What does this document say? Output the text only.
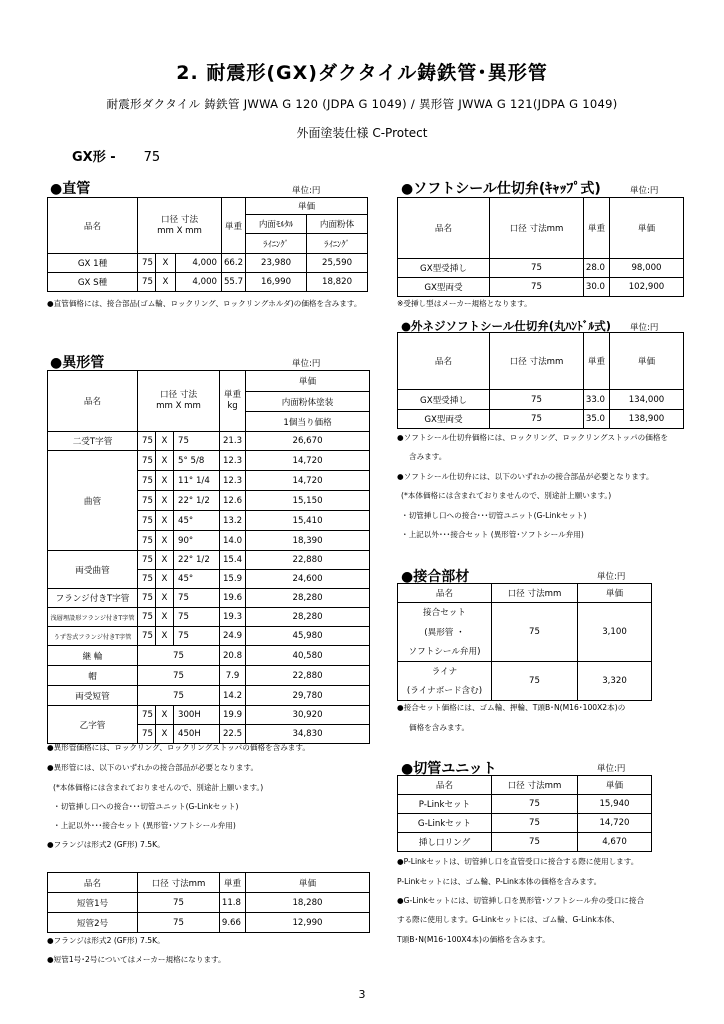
2. 耐震形(GX)ダクタイル鋳鉄管･異形管
耐震形ダクタイル 鋳鉄管 JWWA G 120 (JDPA G 1049) / 異形管 JWWA G 121(JDPA G 1049)
外面塗装仕様 C-Protect
GX形 - 75
●直管	単位:円
品名	口径 寸法
mm X mm			単重	単価	
					内面ﾓﾙﾀﾙ	内面粉体
					ﾗｲﾆﾝｸﾞ	ﾗｲﾆﾝｸﾞ
GX 1種	75	X	4,000	66.2	23,980	25,590
GX S種	75	X	4,000	55.7	16,990	18,820
●直管価格には、接合部品(ゴム輪、ロックリング、ロックリングホルダ)の価格を含みます。
●異形管	単位:円
品名	口径 寸法
mm X mm			単重
kg	単価
					内面粉体塗装
					1個当り価格
二受T字管	75	X	75	21.3	26,670
曲管	75	X	5° 5/8	12.3	14,720
	75	X	11° 1/4	12.3	14,720
	75	X	22° 1/2	12.6	15,150
	75	X	45°	13.2	15,410
	75	X	90°	14.0	18,390
両受曲管	75	X	22° 1/2	15.4	22,880
	75	X	45°	15.9	24,600
フランジ付きT字管	75	X	75	19.6	28,280
浅層埋設形フランジ付きT字管	75	X	75	19.3	28,280
うず巻式フランジ付きT字管	75	X	75	24.9	45,980
継 輪	75			20.8	40,580
帽	75			7.9	22,880
両受短管	75			14.2	29,780
乙字管	75	X	300H	19.9	30,920
	75	X	450H	22.5	34,830
●異形管価格には、ロックリング、ロックリングストッパの価格を含みます。
●異形管には、以下のいずれかの接合部品が必要となります。
(*本体価格には含まれておりませんので、別途計上願います。)
・切管挿し口への接合･･･切管ユニット(G-Linkセット)
・上記以外･･･接合セット (異形管･ソフトシール弁用)
●フランジは形式2 (GF形) 7.5K。
品名	口径 寸法mm	単重	単価
短管1号	75	11.8	18,280
短管2号	75	9.66	12,990
●フランジは形式2 (GF形) 7.5K。
●短管1号･2号についてはメーカー規格になります。
●ソフトシール仕切弁(ｷｬｯﾌﾟ式)	単位:円
品名	口径 寸法mm	単重	単価
GX型受挿し	75	28.0	98,000
GX型両受	75	30.0	102,900
※受挿し型はメーカー規格となります。
●外ネジソフトシール仕切弁(丸ﾊﾝﾄﾞﾙ式) 単位:円
品名	口径 寸法mm	単重	単価
GX型受挿し	75	33.0	134,000
GX型両受	75	35.0	138,900
●ソフトシール仕切弁価格には、ロックリング、ロックリングストッパの価格を
含みます。
●ソフトシール仕切弁には、以下のいずれかの接合部品が必要となります。
(*本体価格には含まれておりませんので、別途計上願います。)
・切管挿し口への接合･･･切管ユニット(G-Linkセット)
・上記以外･･･接合セット (異形管･ソフトシール弁用)
●接合部材	単位:円
品名	口径 寸法mm	単価
接合セット	75	3,100
(異形管 ・		
ソフトシール弁用)		
ライナ	75	3,320
(ライナボード含む)		
●接合セット価格には、ゴム輪、押輪、T頭B･N(M16･100X2本)の
価格を含みます。
●切管ユニット	単位:円
品名	口径 寸法mm	単価
P-Linkセット	75	15,940
G-Linkセット	75	14,720
挿し口リング	75	4,670
●P-Linkセットは、切管挿し口を直管受口に接合する際に使用します。
P-Linkセットには、ゴム輪、P-Link本体の価格を含みます。
●G-Linkセットには、切管挿し口を異形管･ソフトシール弁の受口に接合
する際に使用します。G-Linkセットには、ゴム輪、G-Link本体、
T頭B･N(M16･100X4本)の価格を含みます。
3
